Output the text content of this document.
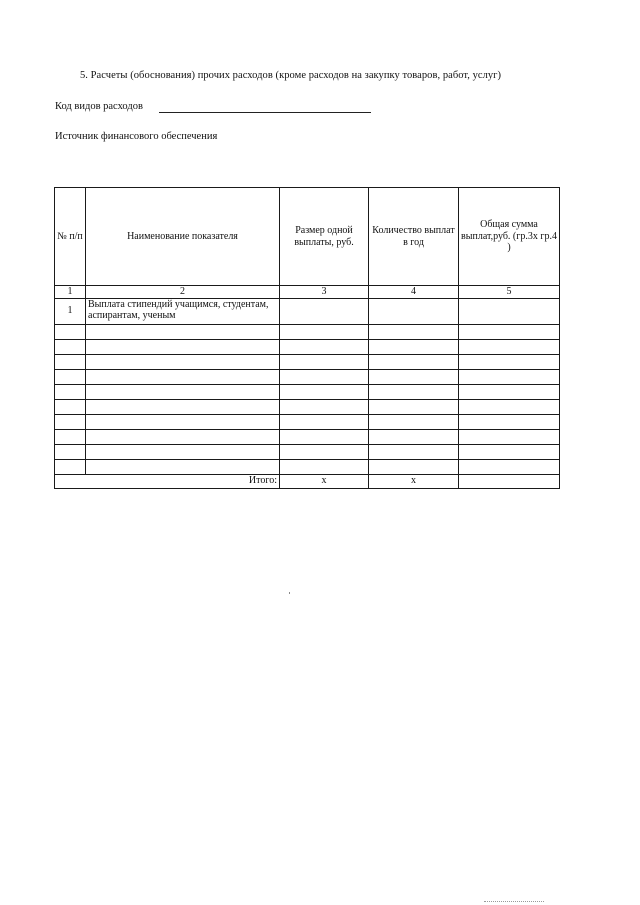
5. Расчеты (обоснования) прочих расходов (кроме расходов на закупку товаров, работ, услуг)
Код видов расходов
Источник финансового обеспечения
№ п/п	Наименование показателя	Размер одной выплаты, руб.	Количество выплат в год	Общая сумма выплат,руб. (гр.3х гр.4 )
1	2	3	4	5
1	Выплата стипендий учащимся, студентам, аспирантам, ученым			

Итого:		х	х	
